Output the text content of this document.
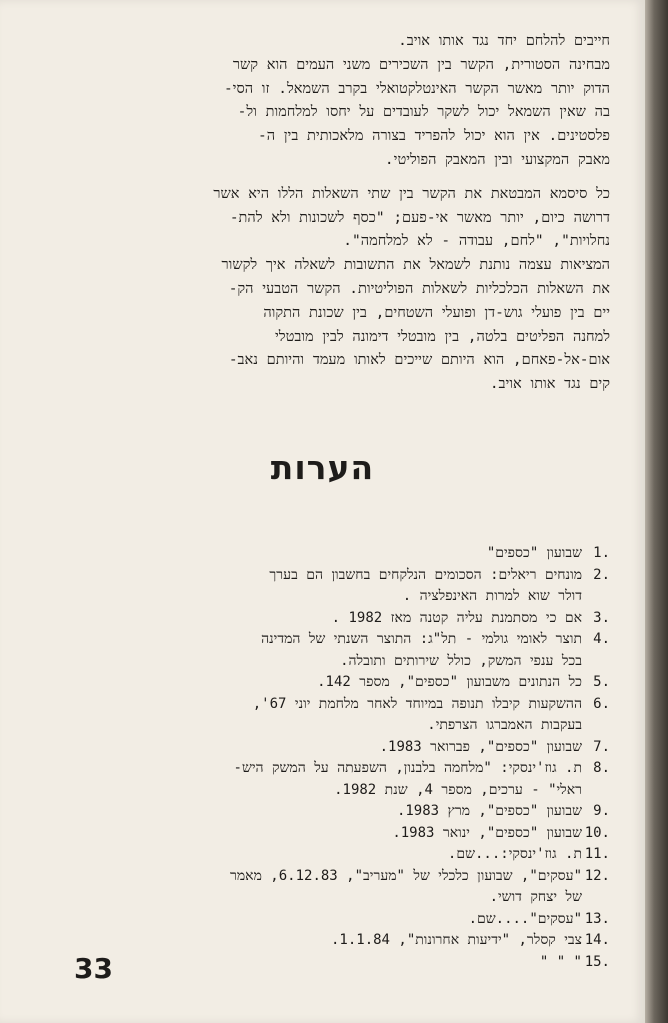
חייבים להלחם יחד נגד אותו אויב.
מבחינה הסטורית, הקשר בין השכירים משני העמים הוא קשר
הדוק יותר מאשר הקשר האינטלקטואלי בקרב השמאל. זו הסי-
בה שאין השמאל יכול לשקר לעובדים על יחסו למלחמות ול-
פלסטינים. אין הוא יכול להפריד בצורה מלאכותית בין ה-
מאבק המקצועי ובין המאבק הפוליטי.
כל סיסמא המבטאת את הקשר בין שתי השאלות הללו היא אשר
דרושה כיום, יותר מאשר אי-פעם; "כסף לשכונות ולא להת-
נחלויות", "לחם, עבודה - לא למלחמה".
המציאות עצמה נותנת לשמאל את התשובות לשאלה איך לקשור
את השאלות הכלכליות לשאלות הפוליטיות. הקשר הטבעי הק-
יים בין פועלי גוש-דן ופועלי השטחים, בין שכונת התקוה
למחנה הפליטים בלטה, בין מובטלי דימונה לבין מובטלי
אום-אל-פאחם, הוא היותם שייכים לאותו מעמד והיותם נאב-
קים נגד אותו אויב.
הערות
1.
שבועון "כספים"
2.
מונחים ריאלים: הסכומים הנלקחים בחשבון הם בערך
דולר שוא למרות האינפלציה .
3.
אם כי מסתמנת עליה קטנה מאז 1982 .
4.
תוצר לאומי גולמי - תל"ג: התוצר השנתי של המדינה
בכל ענפי המשק, כולל שירותים ותובלה.
5.
כל הנתונים משבועון "כספים", מספר 142.
6.
ההשקעות קיבלו תנופה במיוחד לאחר מלחמת יוני 67',
בעקבות האמברגו הצרפתי.
7.
שבועון "כספים", פברואר 1983.
8.
ת. גוז'ינסקי: "מלחמה בלבנון, השפעתה על המשק היש-
ראלי" - ערכים, מספר 4, שנת 1982.
9.
שבועון "כספים", מרץ 1983.
10.
שבועון "כספים", ינואר 1983.
11.
ת. גוז'ינסקי:...שם.
12.
"עסקים", שבועון כלכלי של "מעריב", 6.12.83, מאמר
של יצחק דושי.
13.
"עסקים"....שם.
14.
צבי קסלר, "ידיעות אחרונות", 1.1.84.
15.
" " "
33
